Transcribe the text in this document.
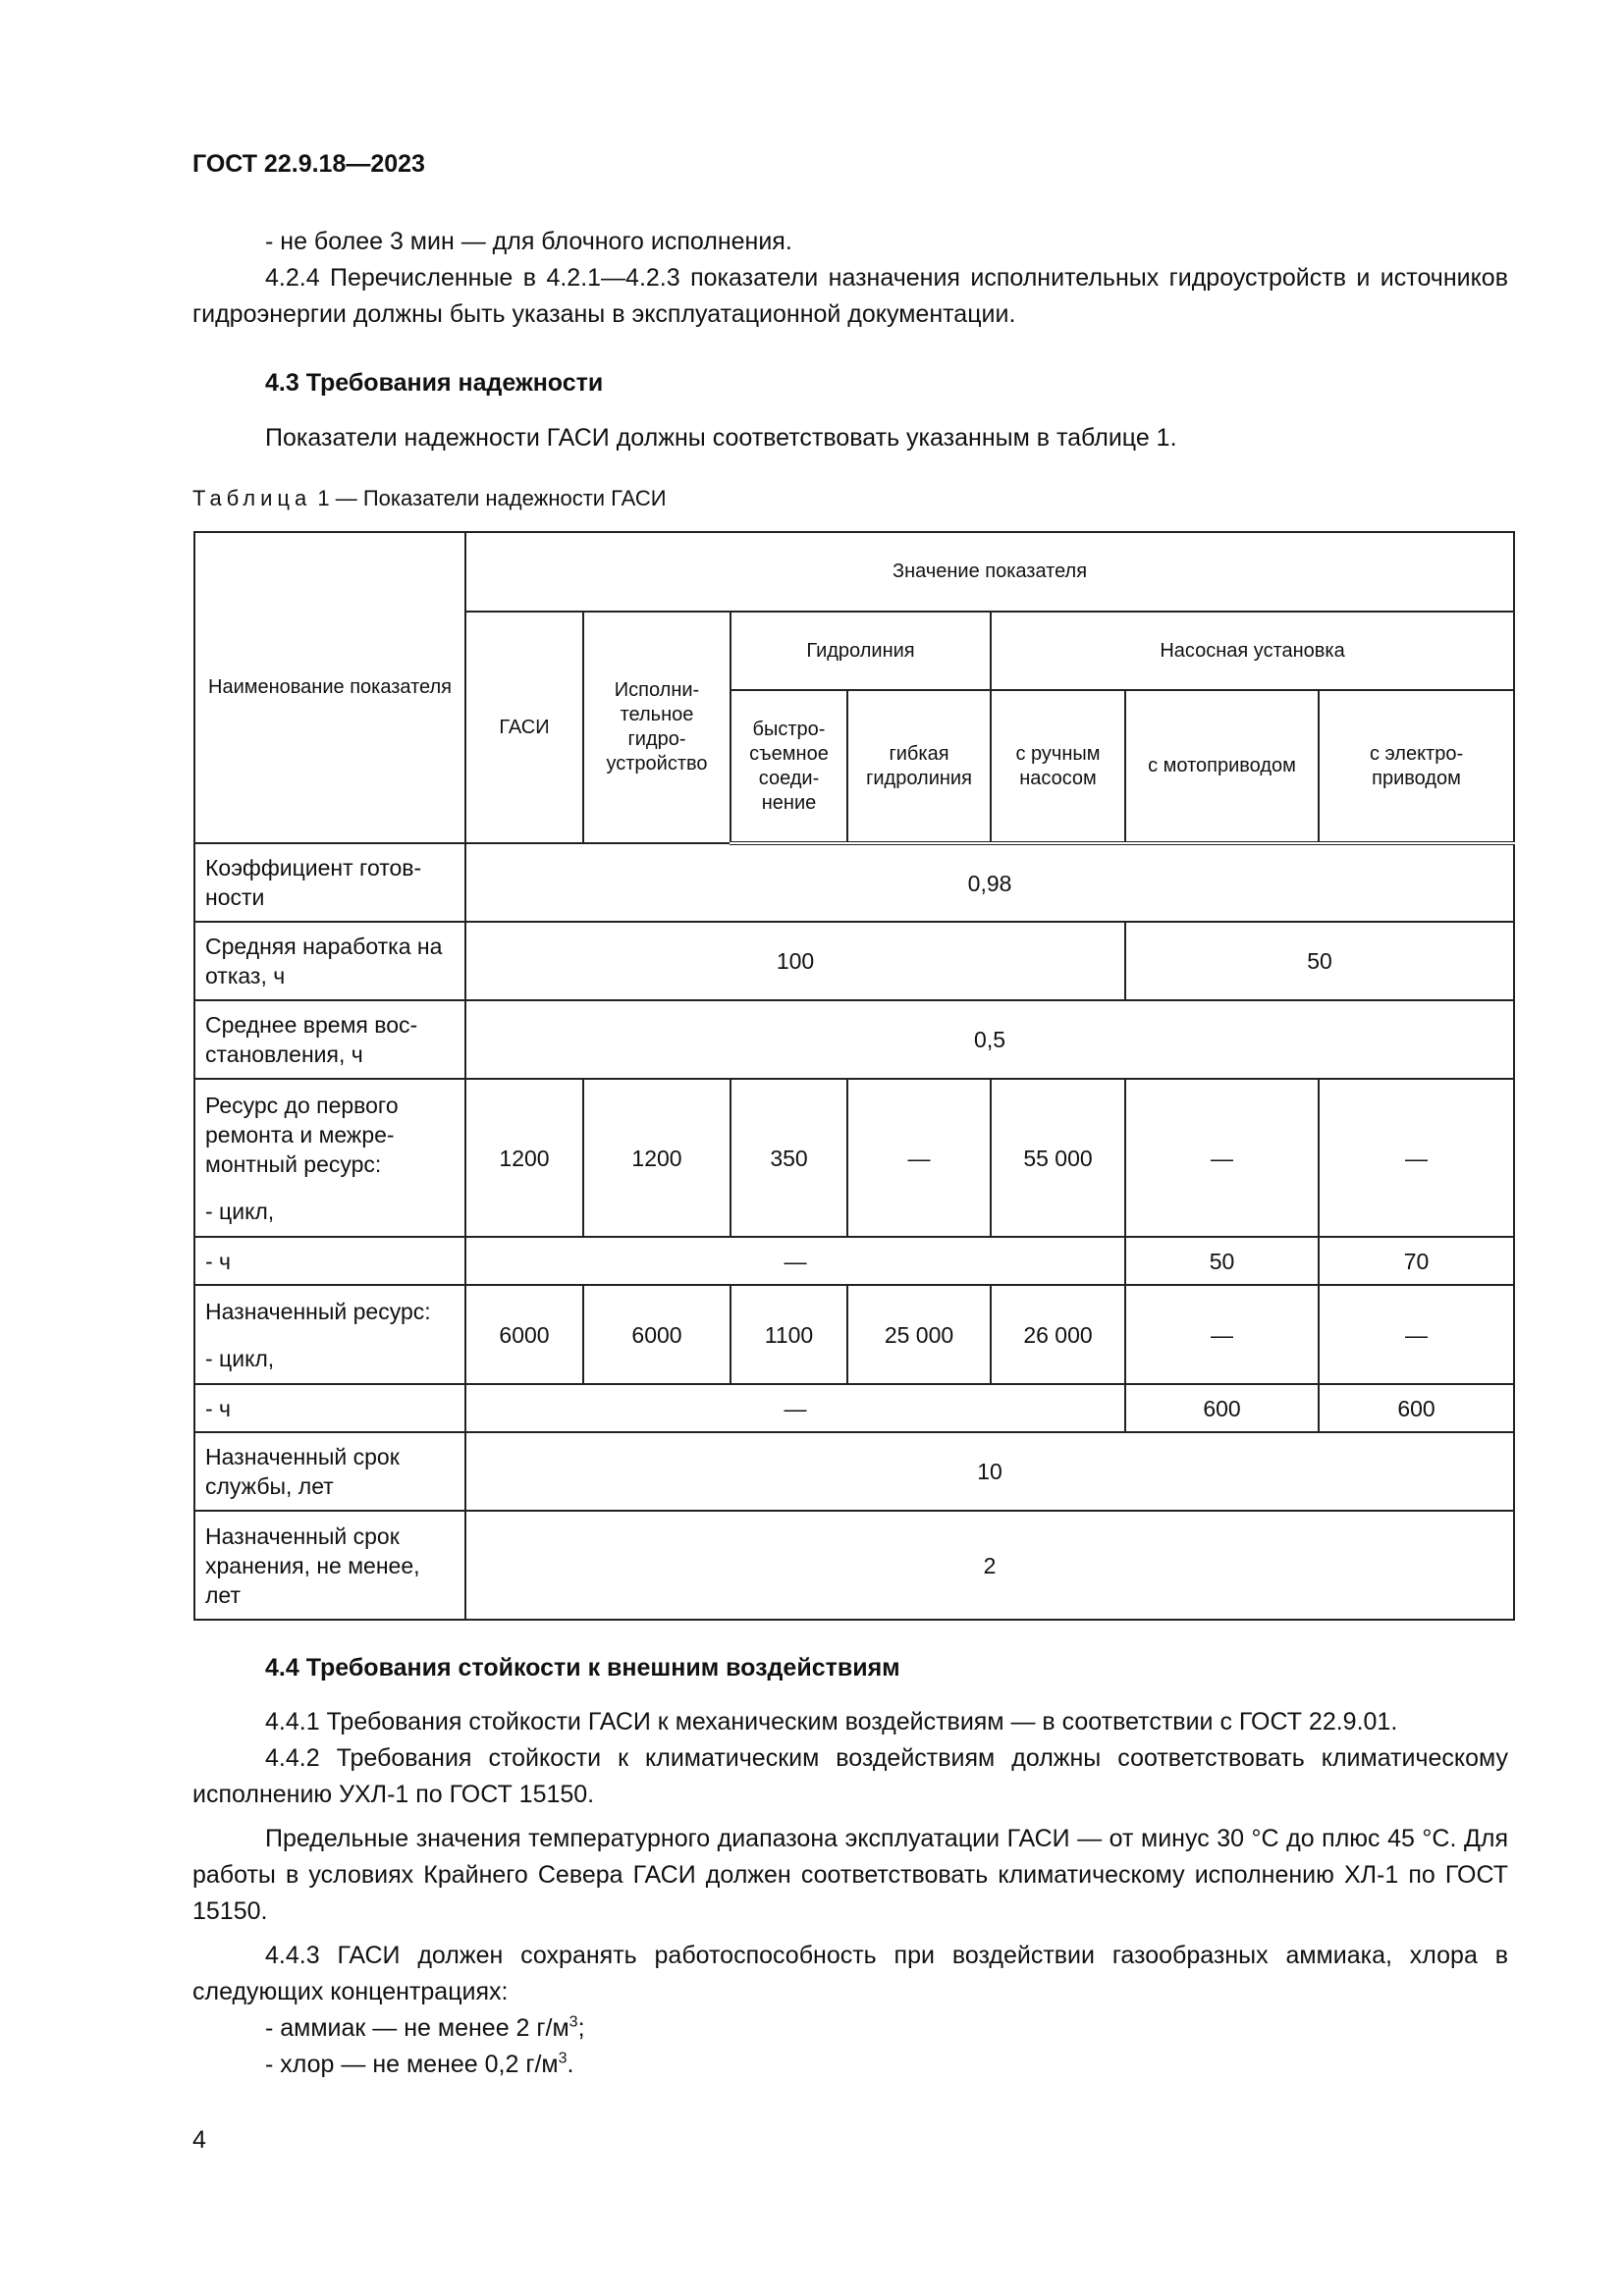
ГОСТ 22.9.18—2023

- не более 3 мин — для блочного исполнения.

4.2.4 Перечисленные в 4.2.1—4.2.3 показатели назначения исполнительных гидроустройств и источников гидроэнергии должны быть указаны в эксплуатационной документации.

4.3 Требования надежности

Показатели надежности ГАСИ должны соответствовать указанным в таблице 1.

Таблица 1 — Показатели надежности ГАСИ
Наименование показателя	Значение показателя						
	ГАСИ	Исполни-тельное гидро-устройство	Гидролиния		Насосная установка		
			быстро-съемное соеди-нение	гибкая гидролиния	с ручным насосом	с мотоприводом	с электро-приводом
Коэффициент готов-ности	0,98						
Средняя наработка на отказ, ч	100					50	
Среднее время вос-становления, ч	0,5						

Ресурс до первого ремонта и межре-монтный ресурс:
- цикл,	1200	1200	350	—	55 000	—	—
- ч	—					50	70

Назначенный ресурс:
- цикл,	6000	6000	1100	25 000	26 000	—	—
- ч	—					600	600
Назначенный срок службы, лет	10						
Назначенный срок хранения, не менее, лет	2						

4.4 Требования стойкости к внешним воздействиям

4.4.1 Требования стойкости ГАСИ к механическим воздействиям — в соответствии с ГОСТ 22.9.01.

4.4.2 Требования стойкости к климатическим воздействиям должны соответствовать климатическому исполнению УХЛ-1 по ГОСТ 15150.

Предельные значения температурного диапазона эксплуатации ГАСИ — от минус 30 °С до плюс 45 °С. Для работы в условиях Крайнего Севера ГАСИ должен соответствовать климатическому исполнению ХЛ-1 по ГОСТ 15150.

4.4.3 ГАСИ должен сохранять работоспособность при воздействии газообразных аммиака, хлора в следующих концентрациях:

- аммиак — не менее 2 $г/м^3$;

- хлор — не менее 0,2 $г/м^3$.

4
